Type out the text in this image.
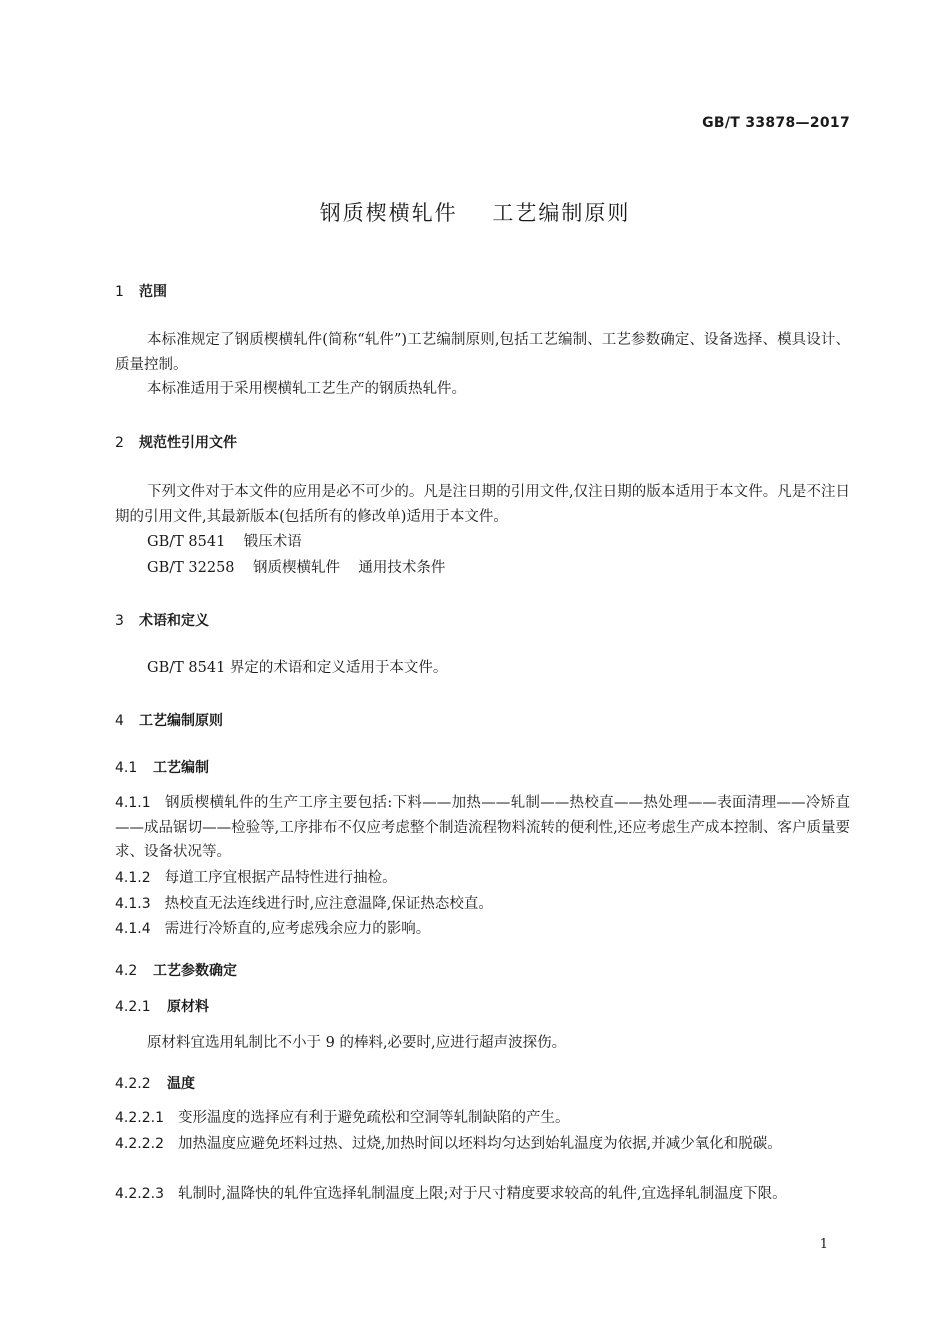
GB/T 33878—2017
钢质楔横轧件    工艺编制原则
1 范围
本标准规定了钢质楔横轧件(简称“轧件”)工艺编制原则,包括工艺编制、工艺参数确定、设备选择、模具设计、质量控制。
本标准适用于采用楔横轧工艺生产的钢质热轧件。
2 规范性引用文件
下列文件对于本文件的应用是必不可少的。凡是注日期的引用文件,仅注日期的版本适用于本文件。凡是不注日期的引用文件,其最新版本(包括所有的修改单)适用于本文件。
GB/T 8541    锻压术语
GB/T 32258    钢质楔横轧件    通用技术条件
3 术语和定义
GB/T 8541 界定的术语和定义适用于本文件。
4 工艺编制原则
4.1 工艺编制
4.1.1 钢质楔横轧件的生产工序主要包括:下料——加热——轧制——热校直——热处理——表面清理——冷矫直——成品锯切——检验等,工序排布不仅应考虑整个制造流程物料流转的便利性,还应考虑生产成本控制、客户质量要求、设备状况等。
4.1.2 每道工序宜根据产品特性进行抽检。
4.1.3 热校直无法连线进行时,应注意温降,保证热态校直。
4.1.4 需进行冷矫直的,应考虑残余应力的影响。
4.2 工艺参数确定
4.2.1 原材料
原材料宜选用轧制比不小于 9 的棒料,必要时,应进行超声波探伤。
4.2.2 温度
4.2.2.1 变形温度的选择应有利于避免疏松和空洞等轧制缺陷的产生。
4.2.2.2 加热温度应避免坯料过热、过烧,加热时间以坯料均匀达到始轧温度为依据,并减少氧化和脱碳。
4.2.2.3 轧制时,温降快的轧件宜选择轧制温度上限;对于尺寸精度要求较高的轧件,宜选择轧制温度下限。
1
